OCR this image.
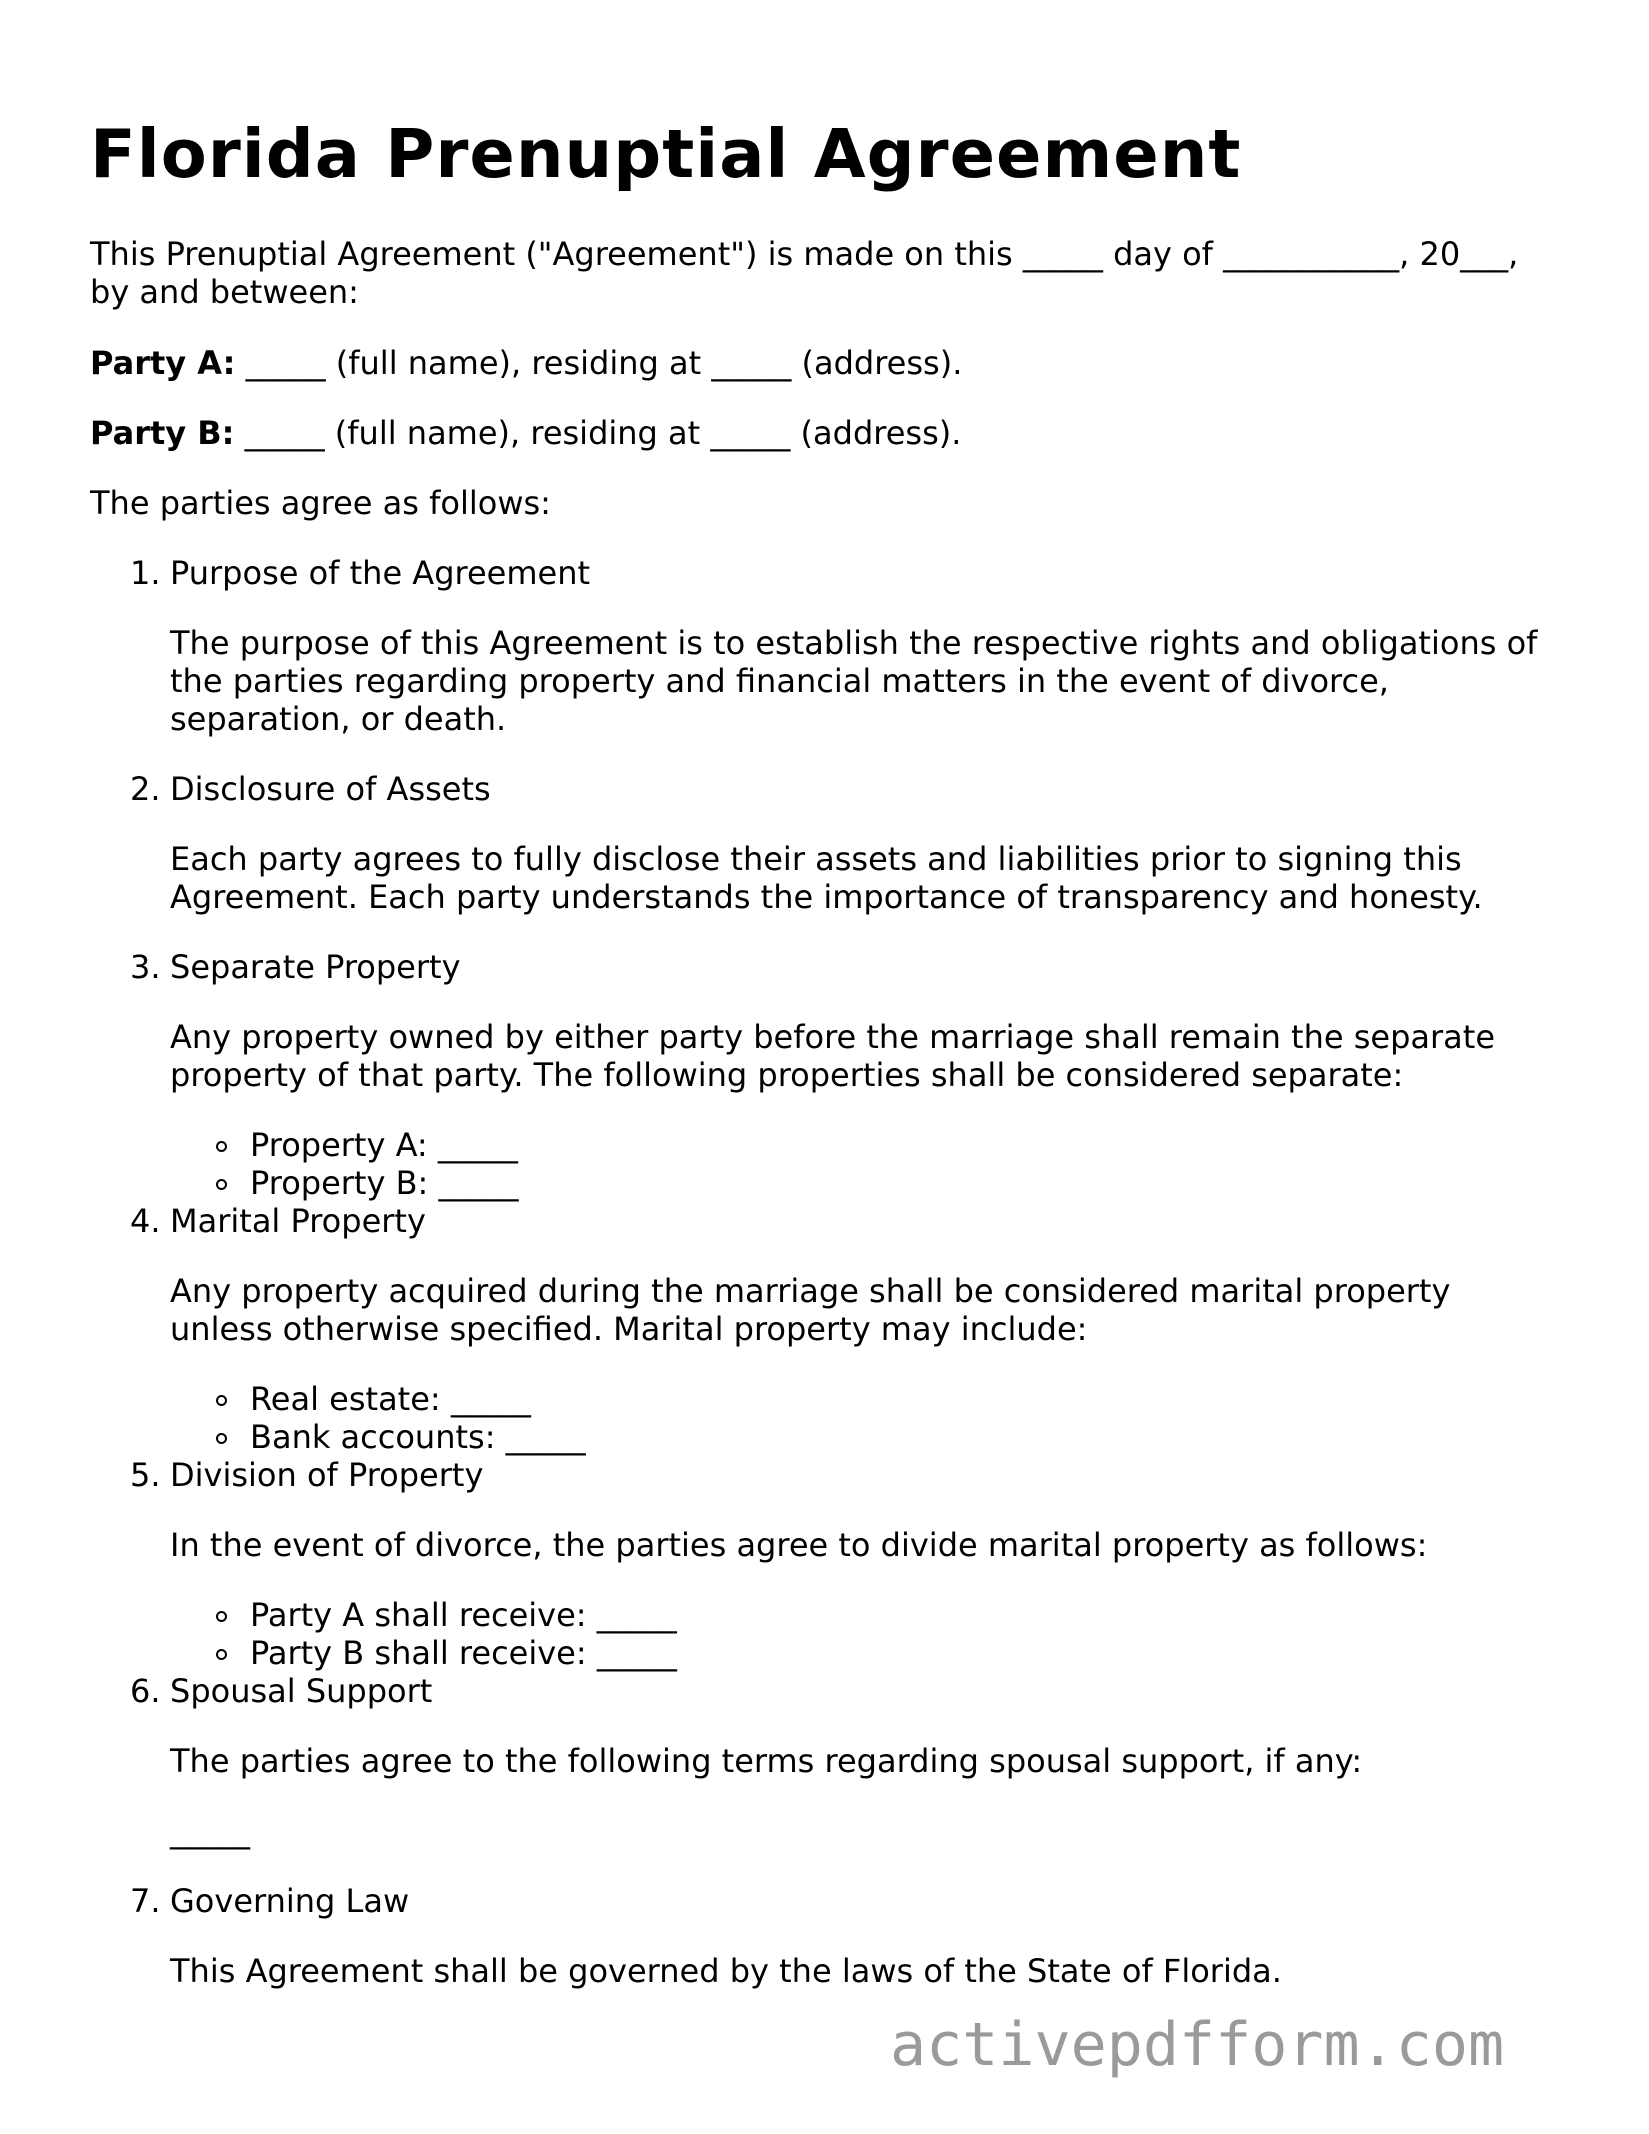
Florida Prenuptial Agreement

This Prenuptial Agreement ("Agreement") is made on this _____ day of ___________, 20___,

by and between:

Party A: _____ (full name), residing at _____ (address).

Party B: _____ (full name), residing at _____ (address).

The parties agree as follows:

1. Purpose of the Agreement
The purpose of this Agreement is to establish the respective rights and obligations of
the parties regarding property and financial matters in the event of divorce,
separation, or death.
2. Disclosure of Assets
Each party agrees to fully disclose their assets and liabilities prior to signing this
Agreement. Each party understands the importance of transparency and honesty.
3. Separate Property
Any property owned by either party before the marriage shall remain the separate
property of that party. The following properties shall be considered separate:
Property A: _____
Property B: _____
4. Marital Property
Any property acquired during the marriage shall be considered marital property
unless otherwise specified. Marital property may include:
Real estate: _____
Bank accounts: _____
5. Division of Property
In the event of divorce, the parties agree to divide marital property as follows:
Party A shall receive: _____
Party B shall receive: _____
6. Spousal Support
The parties agree to the following terms regarding spousal support, if any:
_____
7. Governing Law
This Agreement shall be governed by the laws of the State of Florida.
activepdfform.com
